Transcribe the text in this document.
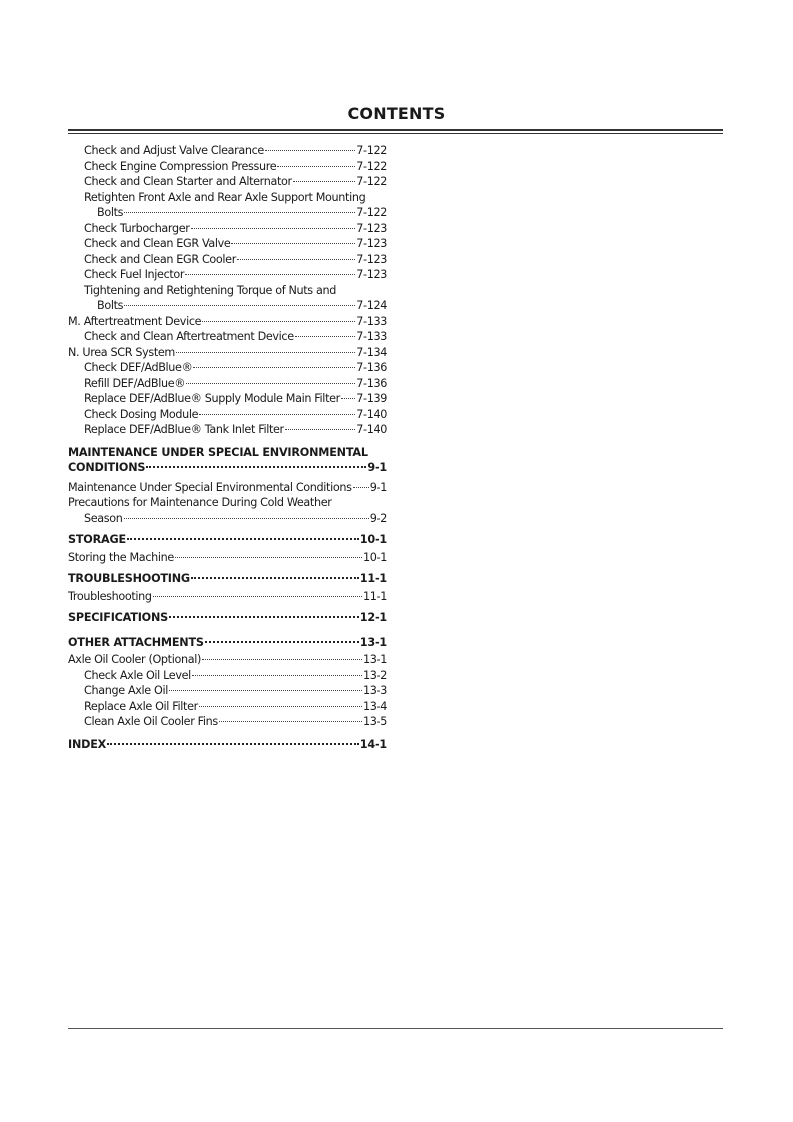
CONTENTS
Check and Adjust Valve Clearance	7-122
Check Engine Compression Pressure	7-122
Check and Clean Starter and Alternator	7-122
Retighten Front Axle and Rear Axle Support Mounting
Bolts	7-122
Check Turbocharger	7-123
Check and Clean EGR Valve	7-123
Check and Clean EGR Cooler	7-123
Check Fuel Injector	7-123
Tightening and Retightening Torque of Nuts and
Bolts	7-124
M. Aftertreatment Device	7-133
Check and Clean Aftertreatment Device	7-133
N. Urea SCR System	7-134
Check DEF/AdBlue®	7-136
Refill DEF/AdBlue®	7-136
Replace DEF/AdBlue® Supply Module Main Filter 7-139
Check Dosing Module	7-140
Replace DEF/AdBlue® Tank Inlet Filter	7-140
MAINTENANCE UNDER SPECIAL ENVIRONMENTAL
CONDITIONS	9-1
Maintenance Under Special Environmental Conditions 9-1
Precautions for Maintenance During Cold Weather
Season	9-2
STORAGE	10-1
Storing the Machine	10-1
TROUBLESHOOTING	11-1
Troubleshooting	11-1
SPECIFICATIONS	12-1
OTHER ATTACHMENTS	13-1
Axle Oil Cooler (Optional)	13-1
Check Axle Oil Level	13-2
Change Axle Oil	13-3
Replace Axle Oil Filter	13-4
Clean Axle Oil Cooler Fins	13-5
INDEX	14-1
